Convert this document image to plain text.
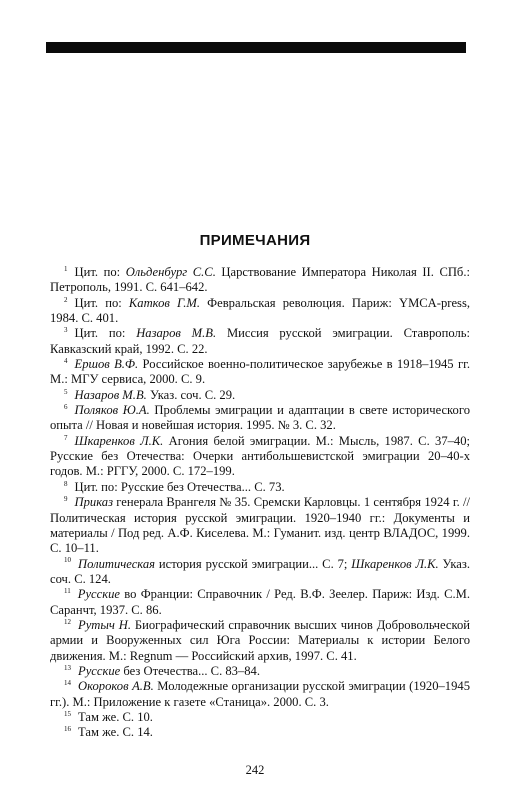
ПРИМЕЧАНИЯ

$^1$ Цит. по: Ольденбург С.С. Царствование Императора Николая II. СПб.: Петрополь, 1991. С. 641–642.

$^2$ Цит. по: Катков Г.М. Февральская революция. Париж: YMCA-press, 1984. С. 401.

$^3$ Цит. по: Назаров М.В. Миссия русской эмиграции. Ставрополь: Кавказский край, 1992. С. 22.

$^4$ Ершов В.Ф. Российское военно-политическое зарубежье в 1918–1945 гг. М.: МГУ сервиса, 2000. С. 9.

$^5$ Назаров М.В. Указ. соч. С. 29.

$^6$ Поляков Ю.А. Проблемы эмиграции и адаптации в свете исторического опыта // Новая и новейшая история. 1995. № 3. С. 32.

$^7$ Шкаренков Л.К. Агония белой эмиграции. М.: Мысль, 1987. С. 37–40; Русские без Отечества: Очерки антибольшевистской эмиграции 20–40-х годов. М.: РГГУ, 2000. С. 172–199.

$^8$ Цит. по: Русские без Отечества... С. 73.

$^9$ Приказ генерала Врангеля № 35. Сремски Карловцы. 1 сентября 1924 г. // Политическая история русской эмиграции. 1920–1940 гг.: Документы и материалы / Под ред. А.Ф. Киселева. М.: Гуманит. изд. центр ВЛАДОС, 1999. С. 10–11.

$^{10}$ Политическая история русской эмиграции... С. 7; Шкаренков Л.К. Указ. соч. С. 124.

$^{11}$ Русские во Франции: Справочник / Ред. В.Ф. Зеелер. Париж: Изд. С.М. Саранчт, 1937. С. 86.

$^{12}$ Рутыч Н. Биографический справочник высших чинов Добровольческой армии и Вооруженных сил Юга России: Материалы к истории Белого движения. М.: Regnum — Российский архив, 1997. С. 41.

$^{13}$ Русские без Отечества... С. 83–84.

$^{14}$ Окороков А.В. Молодежные организации русской эмиграции (1920–1945 гг.). М.: Приложение к газете «Станица». 2000. С. 3.

$^{15}$ Там же. С. 10.

$^{16}$ Там же. С. 14.

242
